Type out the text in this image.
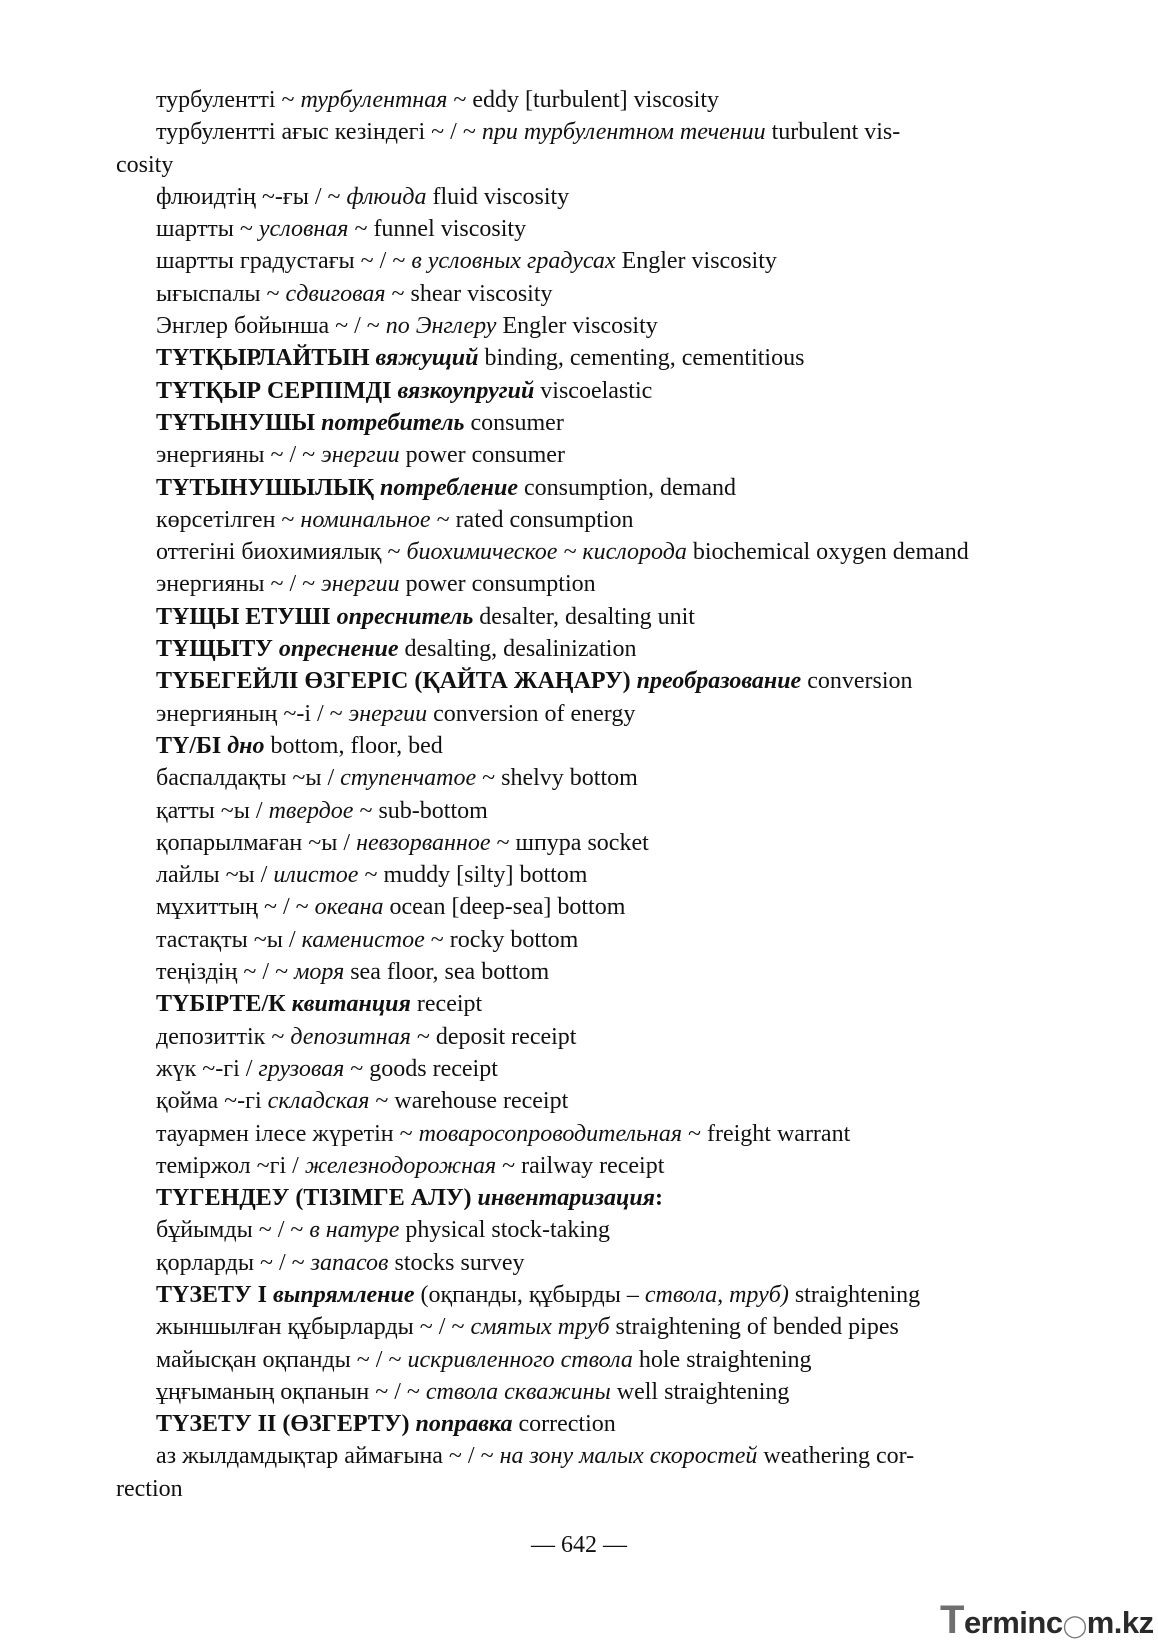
турбулентті ~ турбулентная ~ eddy [turbulent] viscosity
турбулентті ағыс кезіндегі ~ / ~ при турбулентном течении turbulent vis-
cosity
флюидтің ~-ғы / ~ флюида fluid viscosity
шартты ~ условная ~ funnel viscosity
шартты градустағы ~ / ~ в условных градусах Engler viscosity
ығыспалы ~ сдвиговая ~ shear viscosity
Энглер бойынша ~ / ~ по Энглеру Engler viscosity
ТҰТҚЫРЛАЙТЫН вяжущий binding, cementing, cementitious
ТҰТҚЫР СЕРПІМДІ вязкоупругий viscoelastic
ТҰТЫНУШЫ потребитель consumer
энергияны ~ / ~ энергии power consumer
ТҰТЫНУШЫЛЫҚ потребление consumption, demand
көрсетілген ~ номинальное ~ rated consumption
оттегіні биохимиялық ~ биохимическое ~ кислорода biochemical oxygen demand
энергияны ~ / ~ энергии power consumption
ТҰЩЫ ЕТУШІ опреснитель desalter, desalting unit
ТҰЩЫТУ опреснение desalting, desalinization
ТҮБЕГЕЙЛІ ӨЗГЕРІС (ҚАЙТА ЖАҢАРУ) преобразование conversion
энергияның ~-і / ~ энергии conversion of energy
ТҮ/БІ дно bottom, floor, bed
баспалдақты ~ы / ступенчатое ~ shelvy bottom
қатты ~ы / твердое ~ sub-bottom
қопарылмаған ~ы / невзорванное ~ шпура socket
лайлы ~ы / илистое ~ muddy [silty] bottom
мұхиттың ~ / ~ океана ocean [deep-sea] bottom
тастақты ~ы / каменистое ~ rocky bottom
теңіздің ~ / ~ моря sea floor, sea bottom
ТҮБІРТЕ/К квитанция receipt
депозиттік ~ депозитная ~ deposit receipt
жүк ~-гі / грузовая ~ goods receipt
қойма ~-гі складская ~ warehouse receipt
тауармен ілесе жүретін ~ товаросопроводительная ~ freight warrant
теміржол ~гі / железнодорожная ~ railway receipt
ТҮГЕНДЕУ (ТІЗІМГЕ АЛУ) инвентаризация:
бұйымды ~ / ~ в натуре physical stock-taking
қорларды ~ / ~ запасов stocks survey
ТҮЗЕТУ I выпрямление (оқпанды, құбырды – ствола, труб) straightening
жыншылған құбырларды ~ / ~ смятых труб straightening of bended pipes
майысқан оқпанды ~ / ~ искривленного ствола hole straightening
ұңғыманың оқпанын ~ / ~ ствола скважины well straightening
ТҮЗЕТУ II (ӨЗГЕРТУ) поправка correction
аз жылдамдықтар аймағына ~ / ~ на зону малых скоростей weathering cor-
rection
— 642 —
Terminc◯m.kz
